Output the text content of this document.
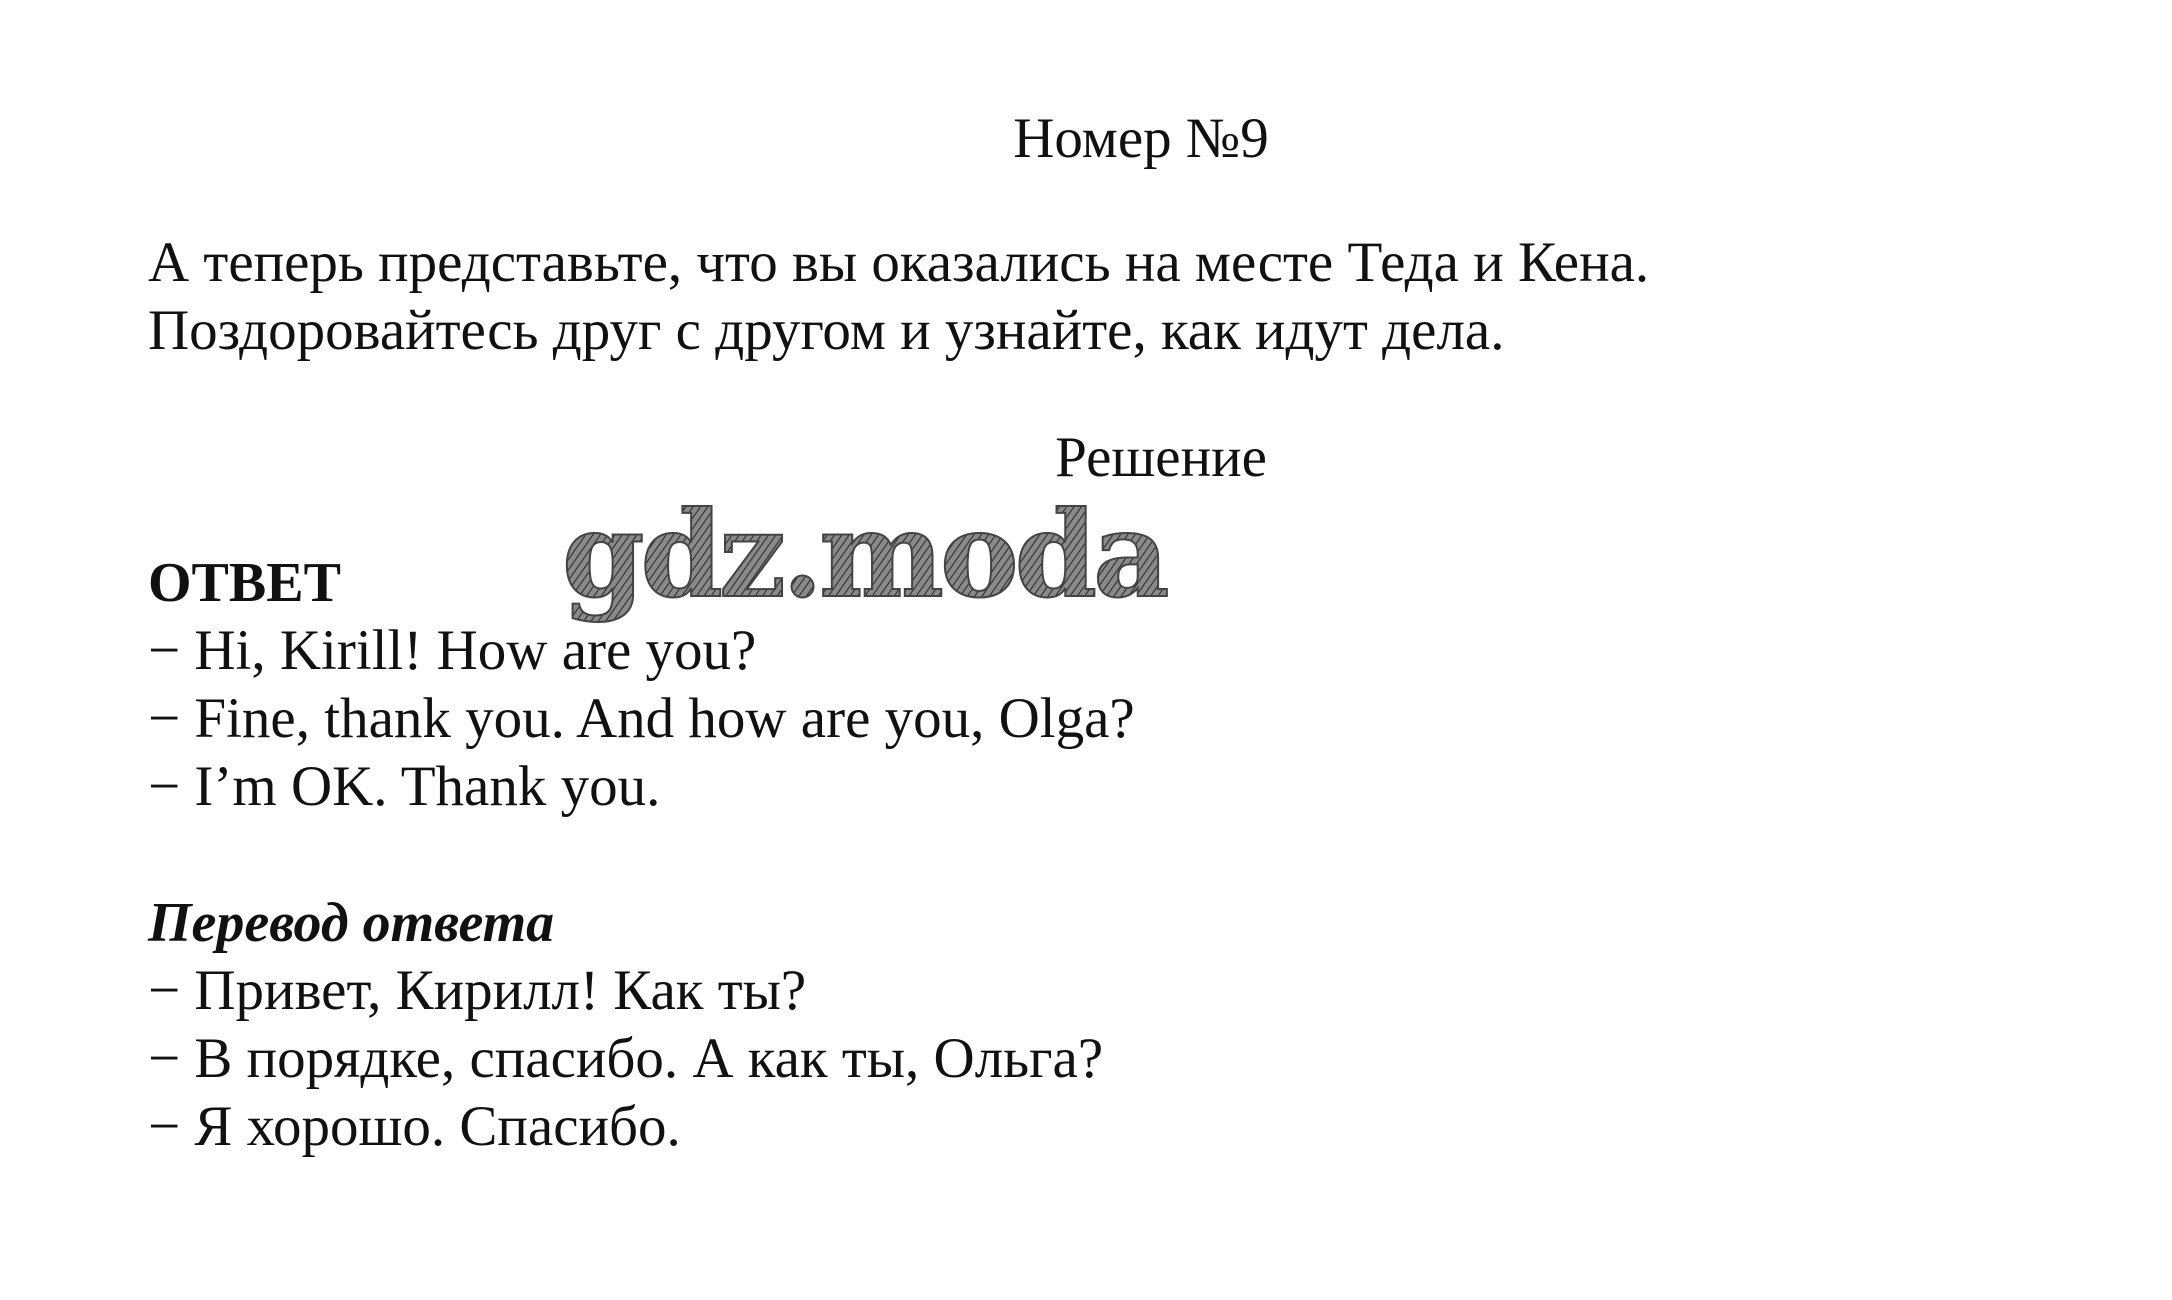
Номер №9
А теперь представьте, что вы оказались на месте Теда и Кена.
Поздоровайтесь друг с другом и узнайте, как идут дела.
Решение
ОТВЕТ
− Hi, Kirill! How are you?
− Fine, thank you. And how are you, Olga?
− I’m OK. Thank you.
Перевод ответа
− Привет, Кирилл! Как ты?
− В порядке, спасибо. А как ты, Ольга?
− Я хорошо. Спасибо.
gdz.moda
